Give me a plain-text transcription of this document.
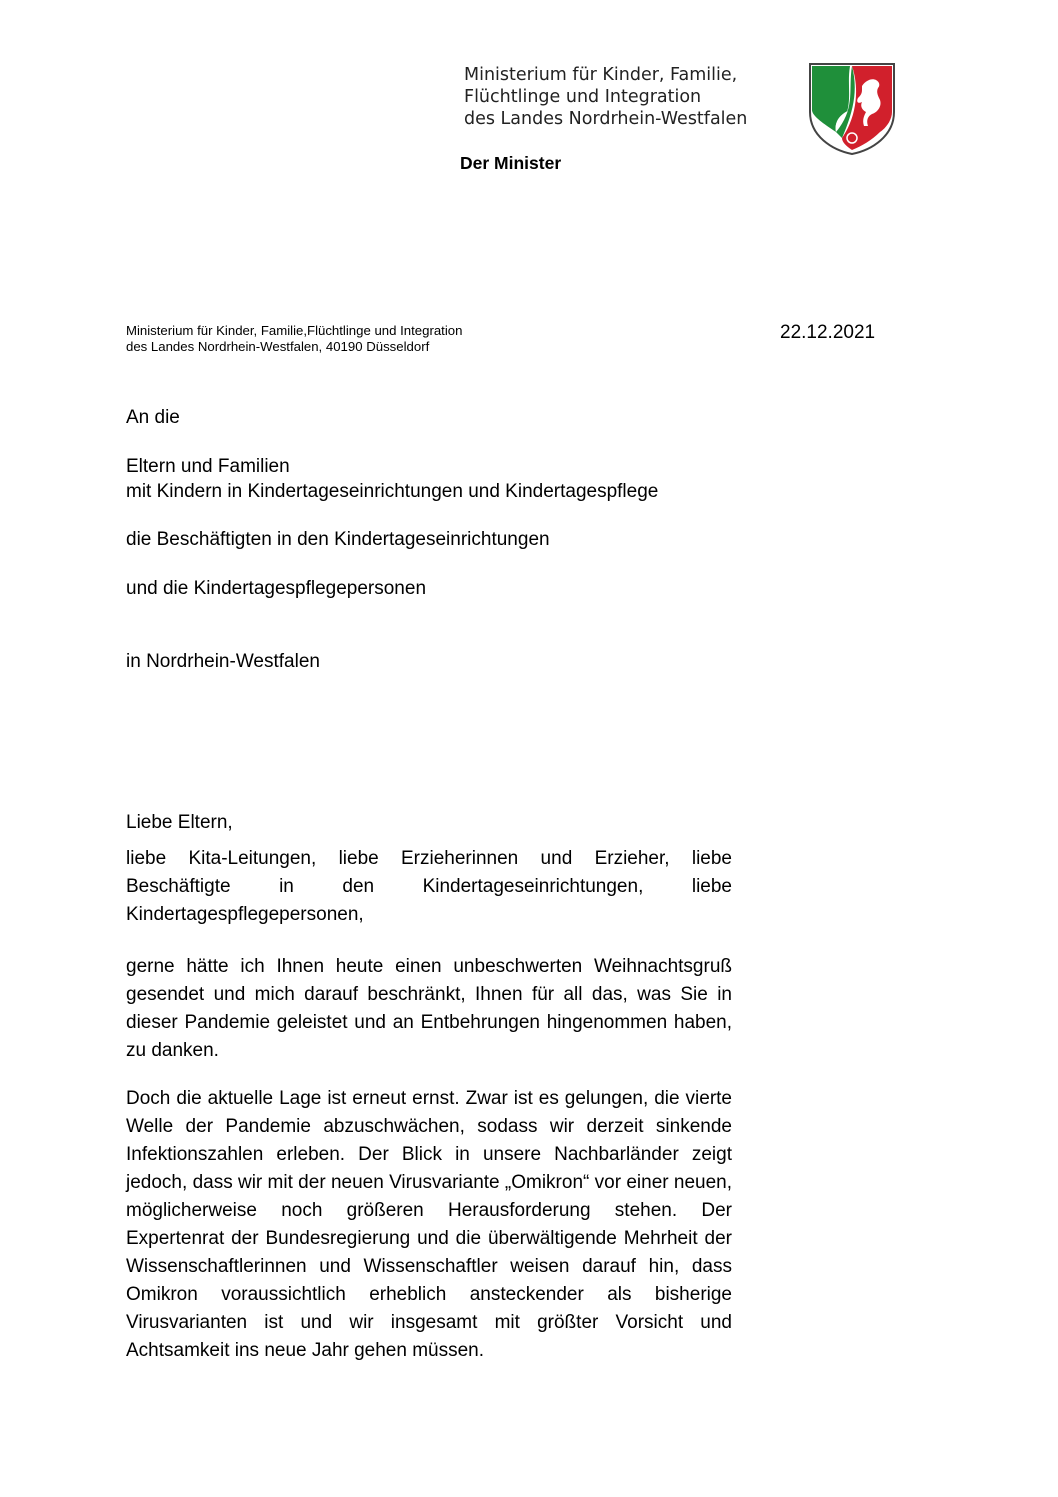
Ministerium für Kinder, Familie,
Flüchtlinge und Integration
des Landes Nordrhein-Westfalen
Der Minister
Ministerium für Kinder, Familie,Flüchtlinge und Integration
des Landes Nordrhein-Westfalen, 40190 Düsseldorf
22.12.2021
An die
Eltern und Familien
mit Kindern in Kindertageseinrichtungen und Kindertagespflege
die Beschäftigten in den Kindertageseinrichtungen
und die Kindertagespflegepersonen
in Nordrhein-Westfalen
Liebe Eltern,
liebe Kita-Leitungen, liebe Erzieherinnen und Erzieher, liebe Beschäftigte in den Kindertageseinrichtungen, liebe Kindertagespflegepersonen,
gerne hätte ich Ihnen heute einen unbeschwerten Weihnachtsgruß gesendet und mich darauf beschränkt, Ihnen für all das, was Sie in dieser Pandemie geleistet und an Entbehrungen hingenommen haben, zu danken.
Doch die aktuelle Lage ist erneut ernst. Zwar ist es gelungen, die vierte Welle der Pandemie abzuschwächen, sodass wir derzeit sinkende Infektionszahlen erleben. Der Blick in unsere Nachbarländer zeigt jedoch, dass wir mit der neuen Virusvariante „Omikron“ vor einer neuen, möglicherweise noch größeren Herausforderung stehen. Der Expertenrat der Bundesregierung und die überwältigende Mehrheit der Wissenschaftlerinnen und Wissenschaftler weisen darauf hin, dass Omikron voraussichtlich erheblich ansteckender als bisherige Virusvarianten ist und wir insgesamt mit größter Vorsicht und Achtsamkeit ins neue Jahr gehen müssen.
